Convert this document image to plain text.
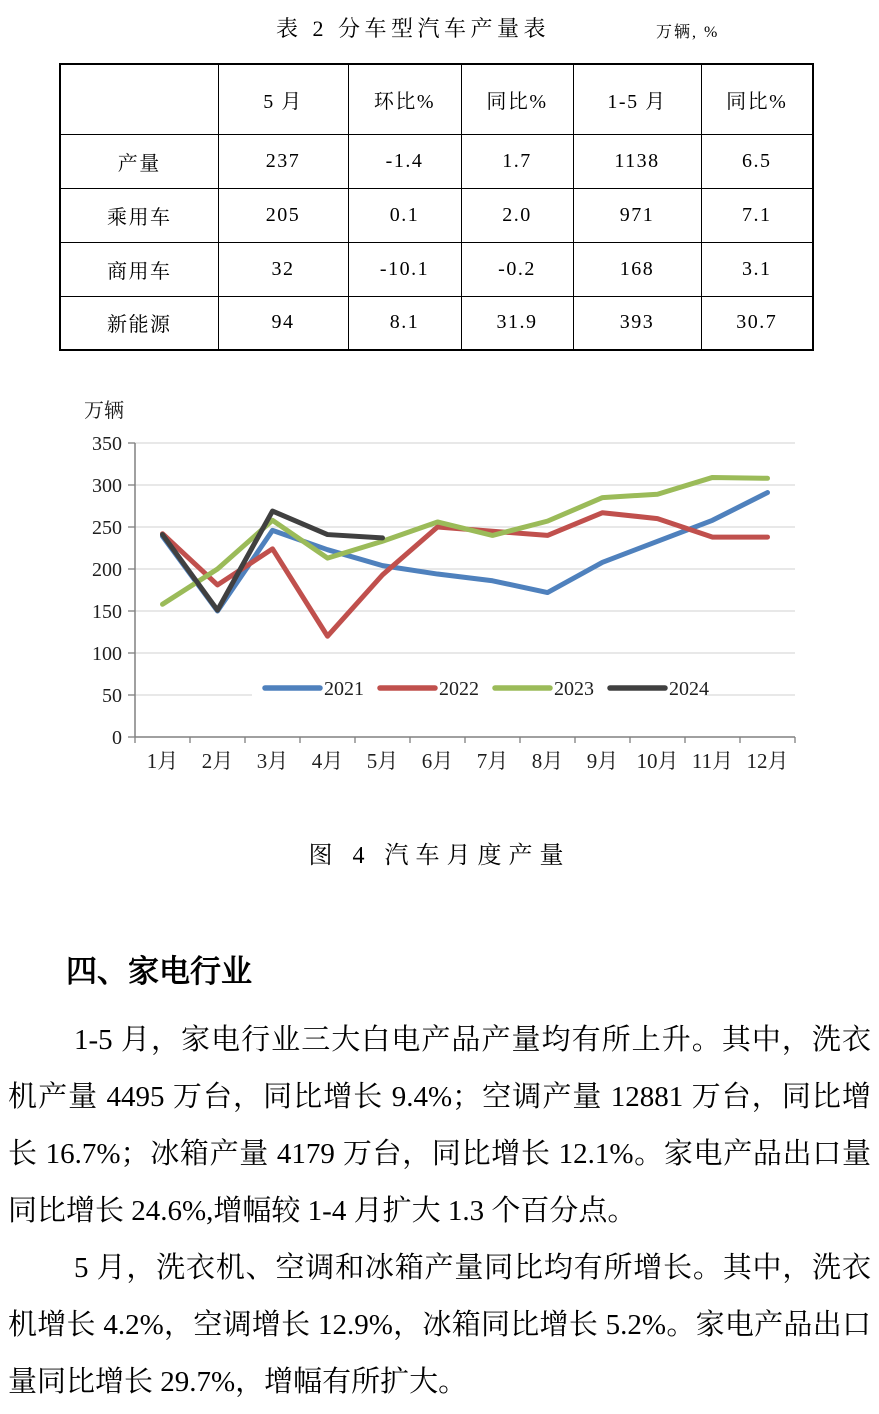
表 2 分车型汽车产量表	万辆, %
	5 月	环比%	同比%	1-5 月	同比%
产量	237	-1.4	1.7	1138	6.5
乘用车	205	0.1	2.0	971	7.1
商用车	32	-10.1	-0.2	168	3.1
新能源	94	8.1	31.9	393	30.7
万辆
0
50
100
150
200
250
300
350
1月 2月 3月 4月 5月 6月 7月 8月 9月 10月 11月 12月
2021	2022	2023	2024
图 4 汽车月度产量
四、家电行业

1-5 月，家电行业三大白电产品产量均有所上升。其中，洗衣机产量 4495 万台，同比增长 9.4%；空调产量 12881 万台，同比增长 16.7%；冰箱产量 4179 万台，同比增长 12.1%。家电产品出口量同比增长 24.6%,增幅较 1-4 月扩大 1.3 个百分点。

5 月，洗衣机、空调和冰箱产量同比均有所增长。其中，洗衣机增长 4.2%，空调增长 12.9%，冰箱同比增长 5.2%。家电产品出口量同比增长 29.7%，增幅有所扩大。
